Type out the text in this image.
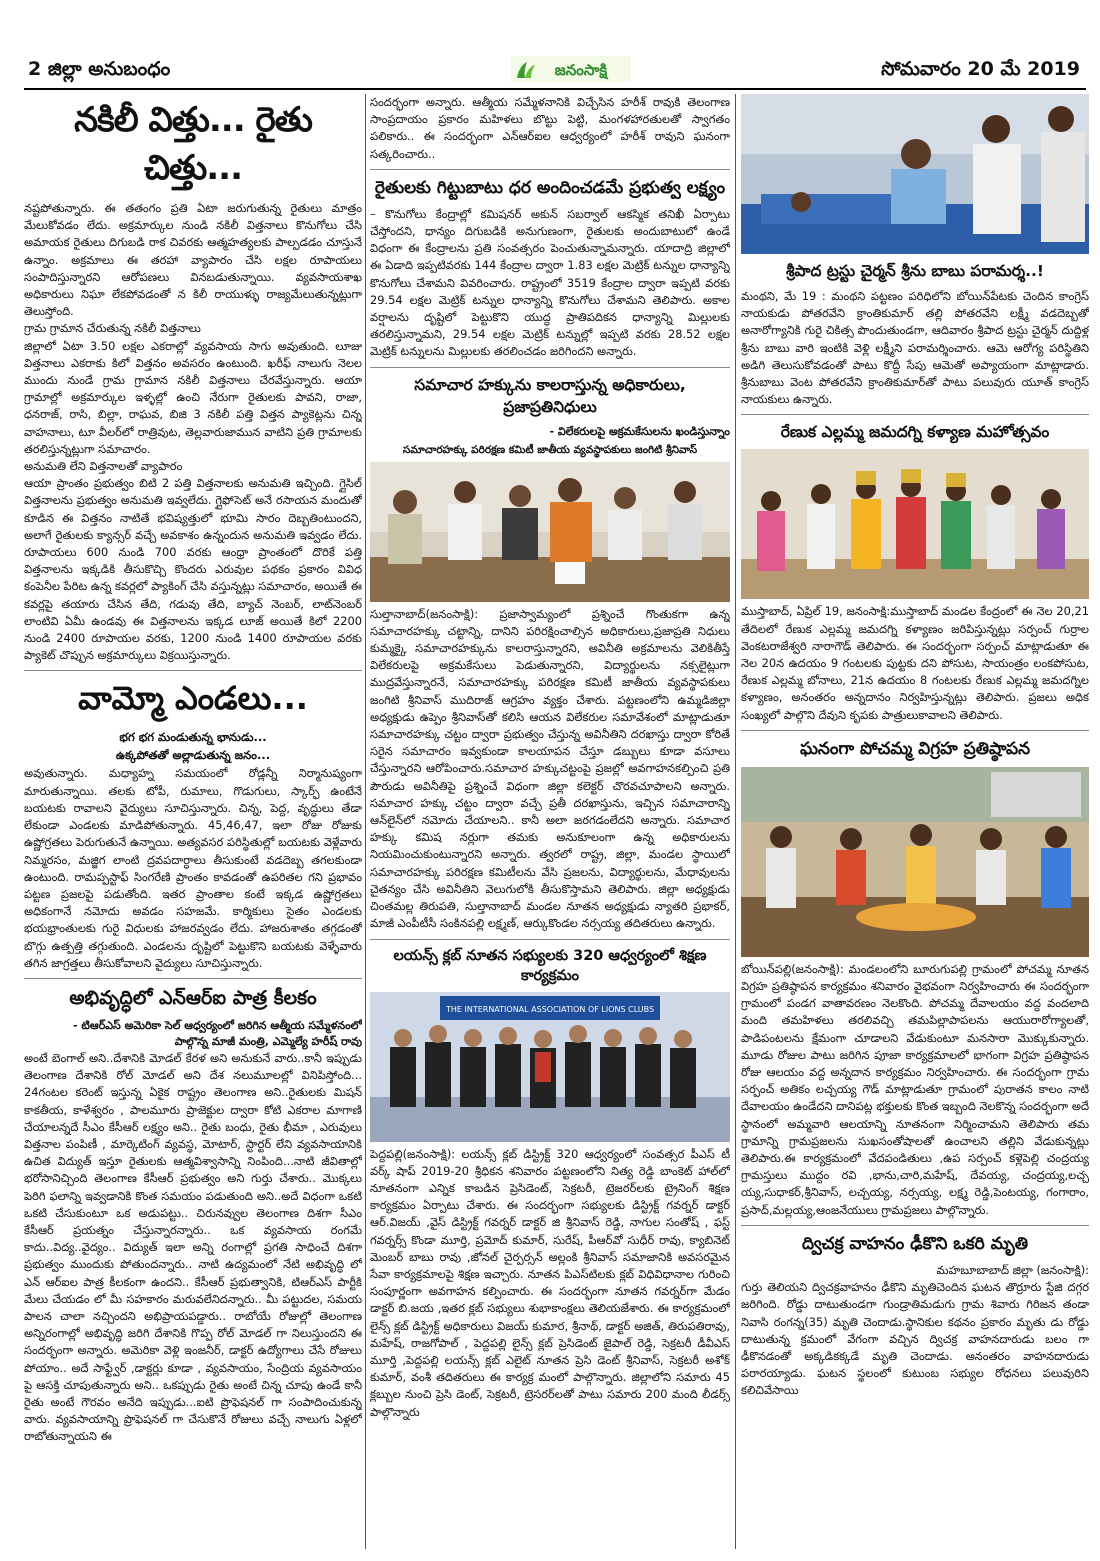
2 జిల్లా అనుబంధం	జనంసాక్షి	సోమవారం 20 మే 2019
నకిలీ విత్తు... రైతు చిత్తు...

నష్టపోతున్నారు. ఈ తతంగం ప్రతి ఏటా జరుగుతున్న రైతులు మాత్రం మేలుకోవడం లేదు. అక్రమార్కుల నుండి నకిలీ విత్తనాలు కొనుగోలు చేసి అమాయక రైతులు దిగుబడి రాక చివరకు ఆత్మహత్యలకు పాల్పడడం చూస్తునే ఉన్నాం. అక్రమాలు ఈ తరహా వ్యాపారం చేసి లక్షల రూపాయలు సంపాదిస్తున్నారని ఆరోపణలు వినబడుతున్నాయి. వ్యవసాయశాఖ అధికారులు నిఘా లేకపోవడంతో న కిలీ రాయుళ్ళు రాజ్యమేలుతున్నట్లుగా తెలుస్తోంది.

గ్రామ గ్రామాన చేరుతున్న నకిలీ విత్తనాలు

జిల్లాలో ఏటా 3.50 లక్షల ఎకరాల్లో వ్యవసాయ సాగు అవుతుంది. లూజు విత్తనాలు ఎకరాకు కిలో విత్తనం అవసరం ఉంటుంది. ఖరీఫ్ నాలుగు నెలల ముందు నుండే గ్రామ గ్రామాన నకిలీ విత్తనాలు చేరవేస్తున్నారు. ఆయా గ్రామాల్లో అక్రమార్కుల ఇళ్ళల్లో ఉంచి నేరుగా రైతులకు పావని, రాజా, ధనరాజ్, రాసి, బిల్లా, రాఘవ, బిజి 3 నకిలీ పత్తి విత్తన ప్యాకెట్లను చిన్న వాహనాలు, టూ వీలర్‌లో రాత్రివుట, తెల్లవారుజామున వాటిని ప్రతి గ్రామాలకు తరలిస్తున్నట్లుగా సమాచారం.

అనుమతి లేని విత్తనాలతో వ్యాపారం

ఆయా ప్రాంతం ప్రభుత్వం బిటి 2 పత్తి విత్తనాలకు అనుమతి ఇచ్చింది. గ్లైసిల్ విత్తనాలను ప్రభుత్వం అనుమతి ఇవ్వలేదు. గ్లైఫోసెట్ అనే రసాయన మందుతో కూడిన ఈ విత్తనం నాటితే భవిష్యత్తులో భూమి సారం దెబ్బతింటుందని, అలాగే రైతులకు క్యాన్సర్ వచ్చే అవకాశం ఉన్నందున అనుమతి ఇవ్వడం లేదు. రూపాయలు 600 నుండి 700 వరకు ఆంధ్రా ప్రాంతంలో దొరికే పత్తి విత్తనాలను ఇక్కడికి తీసుకొచ్చి కొందరు ఎరువుల పథకం ప్రకారం వివిధ కంపెనీల పేరిట ఉన్న కవర్లలో ప్యాకింగ్ చేసి వస్తున్నట్లు సమాచారం, అయితే ఈ కవర్లపై తయారు చేసిన తేది, గడువు తేది, బ్యాచ్ నెంబర్, లాట్‌నెంబర్ లాంటివి ఏమీ ఉండవు ఈ విత్తనాలను ఇక్కడ లూజ్ అయితే కిలో 2200 నుండి 2400 రూపాయల వరకు, 1200 నుండి 1400 రూపాయల వరకు ప్యాకెట్ చొప్పున అక్రమార్కులు విక్రయిస్తున్నారు.

వామ్మో ఎండలు...
భగ భగ మండుతున్న భానుడు...
ఉక్కపోతతో అల్లాడుతున్న జనం...

అవుతున్నారు. మధ్యాహ్న సమయంలో రోడ్లన్నీ నిర్మానుష్యంగా మారుతున్నాయి. తలకు టోపీ, రుమాలు, గొడుగులు, స్కార్ఫ్ ఉంటేనే బయటకు రావాలని వైద్యులు సూచిస్తున్నారు. చిన్న, పెద్ద, వృద్ధులు తేడా లేకుండా ఎండలకు మాడిపోతున్నారు. 45,46,47, ఇలా రోజు రోజుకు ఉష్ణోగ్రతలు పెరుగుతునే ఉన్నాయి. అత్యవసర పరిస్థితుల్లో బయటకు వెళ్లేవారు నిమ్మరసం, మజ్జిగ లాంటి ద్రవపదార్ధాలు తీసుకుంటే వడదెబ్బ తగలకుండా ఉంటుంది. రామప్పస్టాఫ్ సింగరేణి ప్రాంతం కావడంతో ఉపరితల గని ప్రభావం పట్టణ ప్రజలపై పడుతోంది. ఇతర ప్రాంతాల కంటే ఇక్కడ ఉష్ణోగ్రతలు అధికంగానే నమోదు అవడం సహజమే. కార్మికులు సైతం ఎండలకు భయభ్రాంతులకు గురై విధులకు హాజరవ్వడం లేదు. హాజరుశాతం తగ్గడంతో బొగ్గు ఉత్పత్తి తగ్గుతుంది. ఎండలను దృష్టిలో పెట్టుకొని బయటకు వెళ్ళేవారు తగిన జాగ్రత్తలు తీసుకోవాలని వైద్యులు సూచిస్తున్నారు.

అభివృద్ధిలో ఎన్ఆర్ఐ పాత్ర కీలకం
- టిఆర్ఎస్ అమెరికా సెల్ ఆధ్వర్యంలో జరిగిన ఆత్మీయ సమ్మేళనంలో
పాల్గొన్న మాజీ మంత్రి, ఎమ్మెల్యే హరీష్ రావు

అంటే బెంగాల్ అని..దేశానికి మోడల్ కేరళ అని అనుకునే వారు..కానీ ఇప్పుడు తెలంగాణ దేశానికి రోల్ మోడల్ అని దేశ నలుమూలల్లో వినిపిస్తోంది... 24గంటల కరెంట్ ఇస్తున్న ఏకైక రాష్ట్రం తెలంగాణ అని..రైతులకు మిషన్ కాకతీయ, కాళేశ్వరం , పాలమూరు ప్రాజెక్టుల ద్వారా కోటి ఎకరాల మాగాణి చేయాలన్నదే సీఎం కేసీఆర్ లక్ష్యం అని.. రైతు బంధు, రైతు భీమా , ఎరువులు విత్తనాల పంపిణీ , మార్కెటింగ్ వ్యవస్థ, మోటార్, స్టార్టర్ లేని వ్యవసాయానికి ఉచిత విద్యుత్ ఇస్తూ రైతులకు ఆత్మవిశ్వాసాన్ని నింపింది...నాటి జీవితాల్లో భరోసానిచ్చింది తెలంగాణ కేసీఆర్ ప్రభుత్వం అని గుర్తు చేశారు.. మొక్కలు పెరిగి ఫలాన్ని ఇవ్వడానికి కొంత సమయం పడుతుంది అని..అదే విధంగా ఒకటి ఒకటి చేసుకుంటూ ఒక అడుపట్టు.. చిరునవ్వుల తెలంగాణ దిశగా సీఎం కేసీఆర్ ప్రయత్నం చేస్తున్నారన్నారు.. ఒక వ్యవసాయ రంగమే కాదు..విద్య..వైద్యం.. విద్యుత్ ఇలా అన్ని రంగాల్లో ప్రగతి సాధించే దిశగా ప్రభుత్వం ముందుకు పోతుందన్నారు.. నాటి ఉద్యమంలో నేటి అభివృద్ధి లో ఎన్ ఆర్ఐల పాత్ర కీలకంగా ఉందని.. కేసీఆర్ ప్రభుత్వానికి, టిఆర్ఎస్ పార్టీకి మేలు చేయడం లో మీ సహకారం మరువలేనిదన్నారు.. మీ పట్టుదల, సమయ పాలన చాలా నచ్చిందని అభిప్రాయపడ్డారు.. రాబోయే రోజుల్లో తెలంగాణ అన్నిరంగాల్లో అభివృద్ధి జరిగి దేశానికి గొప్ప రోల్ మోడల్ గా నిలుస్తుందని ఈ సందర్భంగా అన్నారు. అమెరికా వెళ్లి ఇంజనీర్, డాక్టర్ ఉద్యోగాలు చేసే రోజులు పోయాం.. అదే సాఫ్ట్వేర్ ,డాక్టర్లు కూడా , వ్యవసాయం, సేంద్రియ వ్యవసాయం పై ఆసక్తి చూపుతున్నారు అని.. ఒకప్పుడు రైతు అంటే చిన్న చూపు ఉండే కానీ రైతు అంటే గౌరవం అనేది ఇప్పుడు...ఐటి ప్రొఫెషనల్ గా సంపాదించుకున్న వారు. వ్యవసాయాన్ని ప్రొఫెషనల్ గా చేసుకొనే రోజులు వచ్చే నాలుగు ఏళ్లలో రాబోతున్నాయని ఈ

సందర్భంగా అన్నారు. ఆత్మీయ సమ్మేళనానికి విచ్చేసిన హరీశ్ రావుకి తెలంగాణ సాంప్రదాయం ప్రకారం మహిళలు బొట్టు పెట్టి, మంగళహారతులతో స్వాగతం పలికారు.. ఈ సందర్భంగా ఎన్ఆర్ఐల ఆధ్వర్యంలో హరీశ్ రావుని ఘనంగా సత్కరించారు..

రైతులకు గిట్టుబాటు ధర అందించడమే ప్రభుత్వ లక్ష్యం

– కొనుగోలు కేంద్రాల్లో కమిషనర్ అకున్ సబర్వాల్ ఆకస్మిక తనిఖీ ఏర్పాటు చేస్తోందని, ధాన్యం దిగుబడికి అనుగుణంగా, రైతులకు అందుబాటులో ఉండే విధంగా ఈ కేంద్రాలను ప్రతి సంవత్సరం పెంచుతున్నామన్నారు. యాదాద్రి జిల్లాలో ఈ ఏడాది ఇప్పటివరకు 144 కేంద్రాల ద్వారా 1.83 లక్షల మెట్రిక్ టన్నుల ధాన్యాన్ని కొనుగోలు చేశామని వివరించారు. రాష్ట్రంలో 3519 కేంద్రాల ద్వారా ఇప్పటి వరకు 29.54 లక్షల మెట్రిక్ టన్నుల ధాన్యాన్ని కొనుగోలు చేశామని తెలిపారు. అకాల వర్షాలను దృష్టిలో పెట్టుకొని యుద్ధ ప్రాతిపదికన ధాన్యాన్ని మిల్లులకు తరలిస్తున్నామని, 29.54 లక్షల మెట్రిక్ టన్నుల్లో ఇప్పటి వరకు 28.52 లక్షల మెట్రిక్ టన్నులను మిల్లులకు తరలించడం జరిగిందని అన్నారు.

సమాచార హక్కును కాలరాస్తున్న అధికారులు, ప్రజాప్రతినిధులు
- విలేకరులపై అక్రమకేసులను ఖండిస్తున్నాం
సమాచారహక్కు పరిరక్షణ కమిటీ జాతీయ వ్యవస్థాపకులు జంగిటి శ్రీనివాస్

సుల్తానాబాద్(జనంసాక్షి): ప్రజాస్వామ్యంలో ప్రశ్నించే గొంతుకగా ఉన్న సమాచారహక్కు చట్టాన్ని, దానిని పరిరక్షించాల్సిన అధికారులు,ప్రజాప్రతి నిధులు కుమ్మక్కై సమాచారహక్కును కాలరాస్తున్నారని, అవినీతి అక్రమాలను వెలికితీస్తే విలేకరులపై అక్రమకేసులు పెడుతున్నారని, విద్యార్థులను నక్సలైట్లుగా ముద్రవేస్తున్నారనే, సమాచారహక్కు పరిరక్షణ కమిటీ జాతీయ వ్యవస్థాపకులు జంగిటి శ్రీనివాస్ ముదిరాజ్ ఆగ్రహం వ్యక్తం చేశారు. పట్టణంలోని ఉమ్మడిజిల్లా అధ్యక్షుడు ఉప్పెం శ్రీనివాస్‌తో కలిసి ఆయన విలేకరుల సమావేశంలో మాట్లాడుతూ సమాచారహక్కు చట్టం ద్వారా ప్రభుత్వం చేస్తున్న అవినీతిని దరఖాస్తు ద్వారా కోరితే సరైన సమాచారం ఇవ్వకుండా కాలయాపన చేస్తూ డబ్బులు కూడా వసూలు చేస్తున్నారని ఆరోపించారు.సమాచార హక్కుచట్టంపై ప్రజల్లో అవగాహనకల్పించి ప్రతి పౌరుడు అవినీతిపై ప్రశ్నించే విధంగా జిల్లా కలెక్టర్ చొరవచూపాలని అన్నారు. సమాచార హక్కు చట్టం ద్వారా వచ్చే ప్రతీ దరఖాస్తును, ఇచ్చిన సమాచారాన్ని ఆన్‌లైన్‌లో నమోదు చేయాలని.. కానీ అలా జరగడంలేదని అన్నారు. సమాచార హక్కు కమిష నర్లుగా తమకు అనుకూలంగా ఉన్న అధికారులను నియమించుకుంటున్నారని అన్నారు‌. త్వరలో రాష్ట్ర, జిల్లా, మండల స్థాయిలో సమాచారహక్కు పరిరక్షణ కమిటీలను వేసి ప్రజలను, విద్యార్థులను, మేధావులను చైతన్యం చేసి అవినీతిని వెలుగులోకి తీసుకొస్తామని తెలిపారు. జిల్లా అధ్యక్షుడు చింతమల్ల తిరుపతి, సుల్తానాబాద్ మండల నూతన అధ్యక్షుడు న్యాతరి ప్రభాకర్, మాజీ ఎంపీటీసీ సంకినపల్లి లక్ష్మణ్, ఆర్కుకొండల నర్సయ్య తదితరులు ఉన్నారు.

లయన్స్ క్లబ్ నూతన సభ్యులకు 320 ఆధ్వర్యంలో శిక్షణ కార్యక్రమం
THE INTERNATIONAL ASSOCIATION OF LIONS CLUBS

పెద్దపల్లి(జనంసాక్షి): లయన్స్ క్లబ్ డిస్ట్రిక్ట్ 320 ఆధ్వర్యంలో సంవత్సర పీఎస్ టీ వర్క్ షాప్ 2019-20 శ్రీధికన శనివారం పట్టణంలోని నిత్య రెడ్డి బాంకెట్ హాల్‌లో నూతనంగా ఎన్నిక కాబడిన ప్రెసిడెంట్, సెక్రటరీ, ట్రెజరర్‌లకు ట్రైనింగ్ శిక్షణ కార్యక్రమం ఏర్పాటు చేశారు. ఈ సందర్భంగా సభ్యులకు డిస్ట్రిక్ట్ గవర్నర్ డాక్టర్ ఆర్.విజయ్ ,వైస్ డిస్ట్రిక్ట్ గవర్నర్ డాక్టర్ జి శ్రీనివాస్ రెడ్డి, నాగుల సంతోష్ , ఫస్ట్ గవర్నర్స్ కొండా మూర్తి, ప్రమోద్ కుమార్, సురేష్, పీఆర్‌వో సుధీర్ రావు, క్యాబినెట్ మెంబర్ బాబు రావు ,జోనల్ చైర్పర్సన్ అల్లంకి శ్రీనివాస్ సమాజానికి అవసరమైన సేవా కార్యక్రమాలపై శిక్షణ ఇచ్చారు. నూతన పిఎస్‌టిలకు క్లబ్ విధివిధానాల గురించి సంపూర్ణంగా అవగాహన కల్పించారు. ఈ సందర్భంగా నూతన గవర్నర్‌గా మేడం డాక్టర్ బి.జయ ,ఇతర క్లబ్ సభ్యులు శుభాకాంక్షలు తెలియజేశారు. ఈ కార్యక్రమంలో లైన్స్ క్లబ్ డిస్ట్రిక్ట్ అధికారులు విజయ్ కుమార, శ్రీనాథ్, డాక్టర్ అజిత్, తిరుపతిరావు, మహేష్, రాజగోపాల్ , పెద్దపల్లి లైన్స్ క్లబ్ ప్రెసిడెంట్ జైపాల్ రెడ్డి, సెక్రటరీ డీవీఎస్ మూర్తి ,పెద్దపల్లి లయన్స్ క్లబ్ ఎలైట్ నూతన ప్రెసి డెంట్ శ్రీనివాస్, సెక్రటరీ అశోక్ కుమార్, వంశీ తదితరులు ఈ కార్యక్ర మంలో పాల్గొన్నారు. జిల్లాలోని సమారు 45 క్లబ్బుల నుంచి ప్రెసి డెంట్, సెక్రటరీ, ట్రెసరర్‌లతో పాటు సమారు 200 మంది లీడర్స్ పాల్గొన్నారు

శ్రీపాద ట్రస్టు చైర్మన్ శ్రీను బాబు పరామర్శ..!

మంథని, మే 19 : మంథని పట్టణం పరిధిలోని బోయిన్‌పేటకు చెందిన కాంగ్రెస్ నాయకుడు పోతరవేని క్రాంతికుమార్ తల్లి పోతరవేని లక్ష్మీ వడదెబ్బతో అనారోగ్యానికి గురై చికిత్స పొందుతుండగా, ఆదివారం శ్రీపాద ట్రస్టు చైర్మన్ దుద్దిళ్ల శ్రీను బాబు వారి ఇంటికి వెళ్లి లక్ష్మీని పరామర్శించారు. ఆమె ఆరోగ్య పరిస్థితిని అడిగి తెలుసుకోవడంతో పాటు కొద్దీ సేపు ఆమెతో అప్యాయంగా మాట్లాడారు. శ్రీనుబాబు వెంట పోతరవేని క్రాంతికుమార్‌తో పాటు పలువురు యూత్ కాంగ్రెస్ నాయకులు ఉన్నారు.

రేణుక ఎల్లమ్మ జమదగ్ని కళ్యాణ మహోత్సవం

ముస్తాబాద్, ఏప్రిల్ 19, జనంసాక్షి:ముస్తాబాద్ మండల కేంద్రంలో ఈ నెల 20,21 తేదిలలో రేణుక ఎల్లమ్మ జమదగ్ని కళ్యాణం జరిపిస్తున్నట్లు సర్పంచ్ గుర్రాల వెంకటరాజేశ్వరి నారాగౌడ్ తెలిపారు. ఈ సందర్భంగా సర్పంచ్ మాట్లాడుతూ ఈ నెల 20న ఉదయం 9 గంటలకు పుట్టకు దని పోసుట, సాయంత్రం లంకపోసుట, రేణుక ఎల్లమ్మ బోనాలు, 21న ఉదయం 8 గంటలకు రేణుక ఎల్లమ్మ జమదగ్నిల కళ్యాణం, అనంతరం అన్నదానం నిర్వహిస్తున్నట్లు తెలిపారు. ప్రజలు అధిక సంఖ్యలో పాల్గొని దేవుని కృపకు పాత్రులుకావాలని తెలిపారు.

ఘనంగా పోచమ్మ విగ్రహ ప్రతిష్ఠాపన

బోయిన్‌పల్లి(జనంసాక్షి): మండలంలోని బూరుగుపల్లి గ్రామంలో పోచమ్మ నూతన విగ్రహ ప్రతిష్ఠాపన కార్యక్రమం శనివారం వైభవంగా నిర్వహించారు ఈ సందర్భంగా గ్రామంలో పండగ వాతావరణం నెలకొంది. పోచమ్మ దేవాలయం వద్ద వందలాది మంది తమహిళలు తరలివచ్చి తమపిల్లాపాపలను ఆయురారోగ్యాలతో, పాడిపంటలను క్షేమంగా చూడాలని వేడుకుంటూ మనసారా మొక్కుకున్నారు. మూడు రోజుల పాటు జరిగిన పూజా కార్యక్రమాలలో భాగంగా విగ్రహ ప్రతిష్ఠాపన రోజు ఆలయం వద్ద అన్నదాన కార్యక్రమం నిర్వహించారు. ఈ సందర్భంగా గ్రామ సర్పంచ్ అతికం లచ్చయ్య గౌడ్ మాట్లాడుతూ గ్రామంలో పురాతన కాలం నాటి దేవాలయం ఉండేదని దానిపట్ల భక్తులకు కొంత ఇబ్బంది నెలకొన్న సందర్భంగా అదే స్థానంలో అమ్మవారి ఆలయాన్ని నూతనంగా నిర్మించామని తెలిపారు తమ గ్రామాన్ని గ్రామప్రజలను సుఖసంతోషాలతో ఉంచాలని తల్లిని వేడుకున్నట్లు తెలిపారు.ఈ కార్యక్రమంలో వేదపండితులు ,ఉప సర్పంచ్ కళ్లెపెల్లి చంద్రయ్య గ్రామస్తులు ముద్దం రవి ,భాను,చారి,మహేష్, దేవయ్య, చంద్రయ్య,లచ్చ య్య,సుధాకర్,శ్రీనివాస్, లచ్చయ్య, నర్సయ్య, లక్ష్మ రెడ్డి,పెంటయ్య, గంగారాం, ప్రసాద్,మల్లయ్య,ఆంజనేయులు గ్రామప్రజలు పాల్గొన్నారు.

ద్విచక్ర వాహనం ఢీకొని ఒకరి మృతి

మహబూబాబాద్ జిల్లా (జనంసాక్షి):

గుర్తు తెలియని ద్విచక్రవాహనం ఢీకొని మృతిచెందిన ఘటన తొర్రూరు స్టేజి దగ్గర జరిగింది. రోడ్డు దాటుతుండగా గుండ్రాతిమడుగు గ్రామ శివారు గిరిజన తండా నివాసి రంగన్న(35) మృతి చెందాడు.స్థానికుల కథనం ప్రకారం మృతు డు రోడ్డు దాటుతున్న క్రమంలో వేగంగా వచ్చిన ద్విచక్ర వాహనదారుడు బలం గా ఢీకొనడంతో అక్కడికక్కడే మృతి చెందాడు. అనంతరం వాహనదారుడు పరారయ్యాడు. ఘటన స్థలంలో కుటుంబ సభ్యుల రోధనలు పలువురిని కలిచివేసాయి
